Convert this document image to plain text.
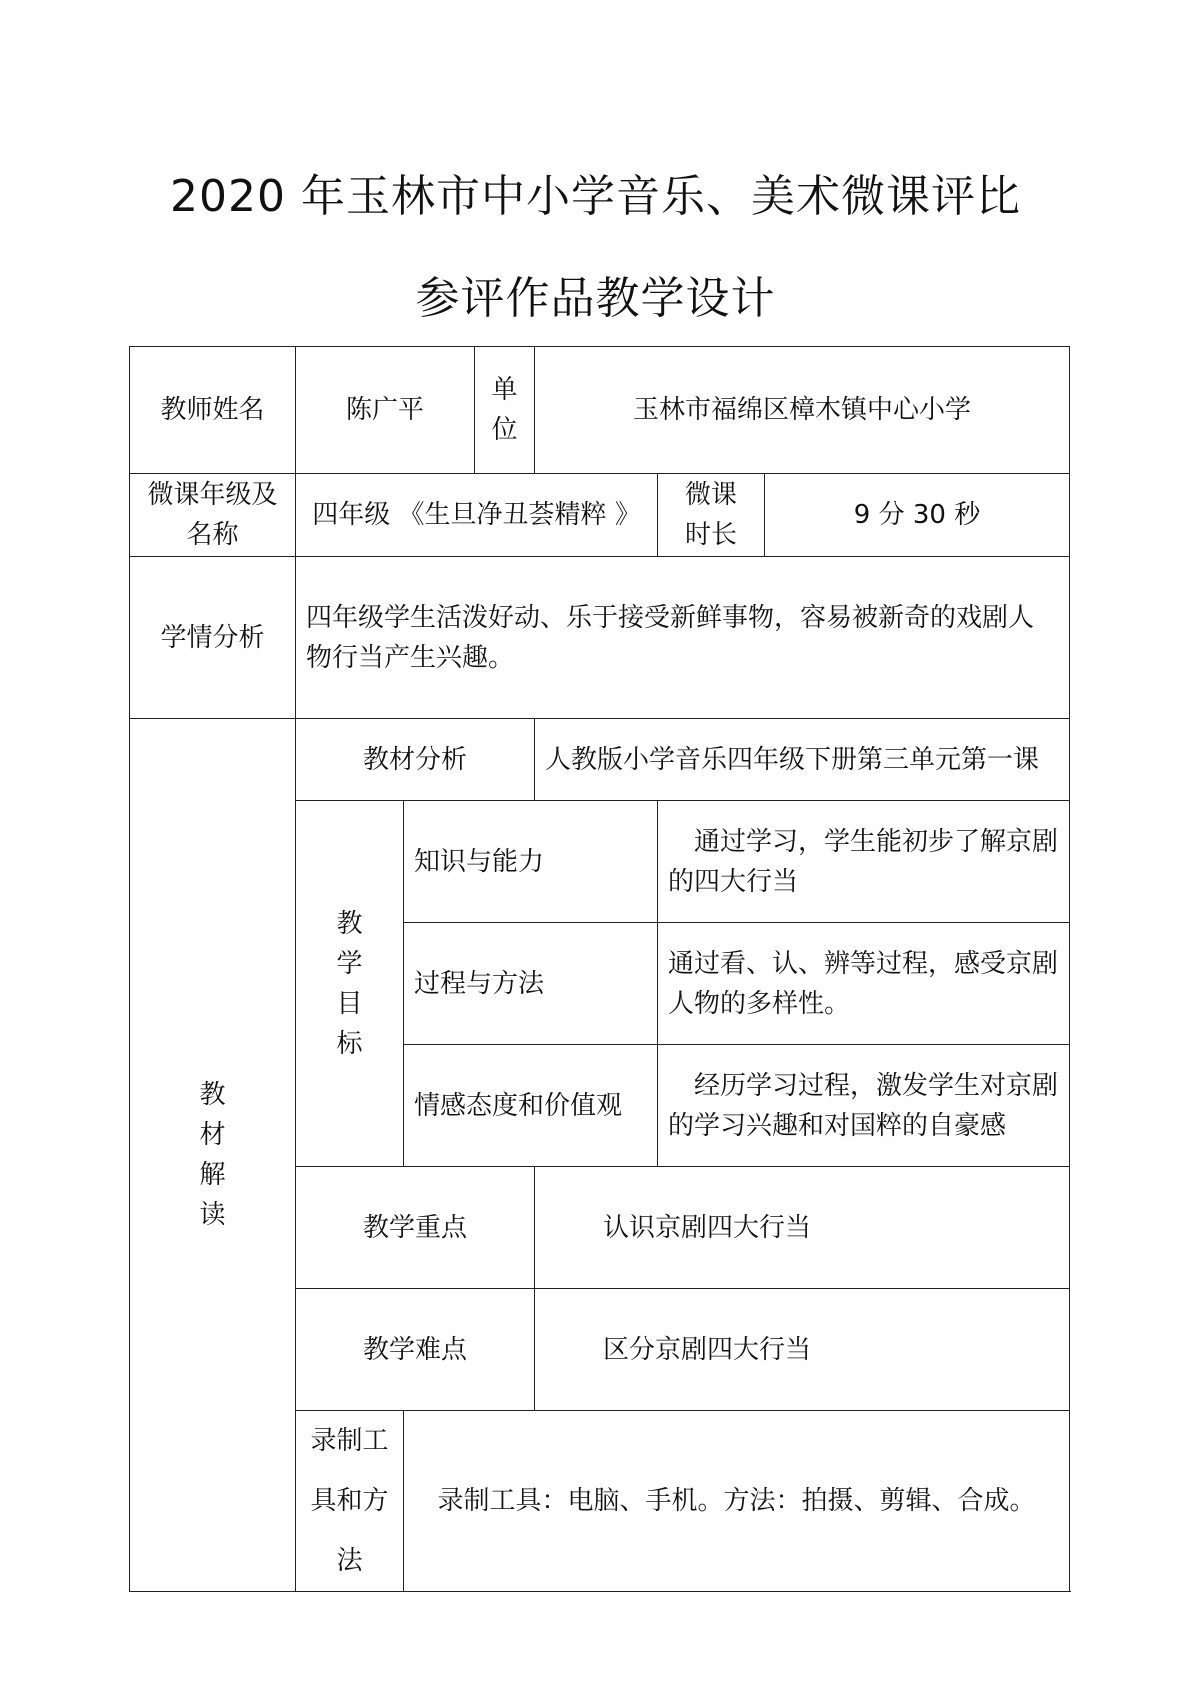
2020 年玉林市中小学音乐、美术微课评比
参评作品教学设计
教师姓名	陈广平		单位	玉林市福绵区樟木镇中心小学		
微课年级及名称	四年级 《生旦净丑荟精粹 》				微课时长	9 分 30 秒
学情分析	四年级学生活泼好动、乐于接受新鲜事物，容易被新奇的戏剧人物行当产生兴趣。					

教材解读	教材分析			人教版小学音乐四年级下册第三单元第一课		

	教学目标	知识与能力			通过学习，学生能初步了解京剧的四大行当	
		过程与方法			通过看、认、辨等过程，感受京剧人物的多样性。	
		情感态度和价值观			经历学习过程，激发学生对京剧的学习兴趣和对国粹的自豪感	
	教学重点			认识京剧四大行当		
	教学难点			区分京剧四大行当		
	录制工具和方法	录制工具：电脑、手机。方法：拍摄、剪辑、合成。				
